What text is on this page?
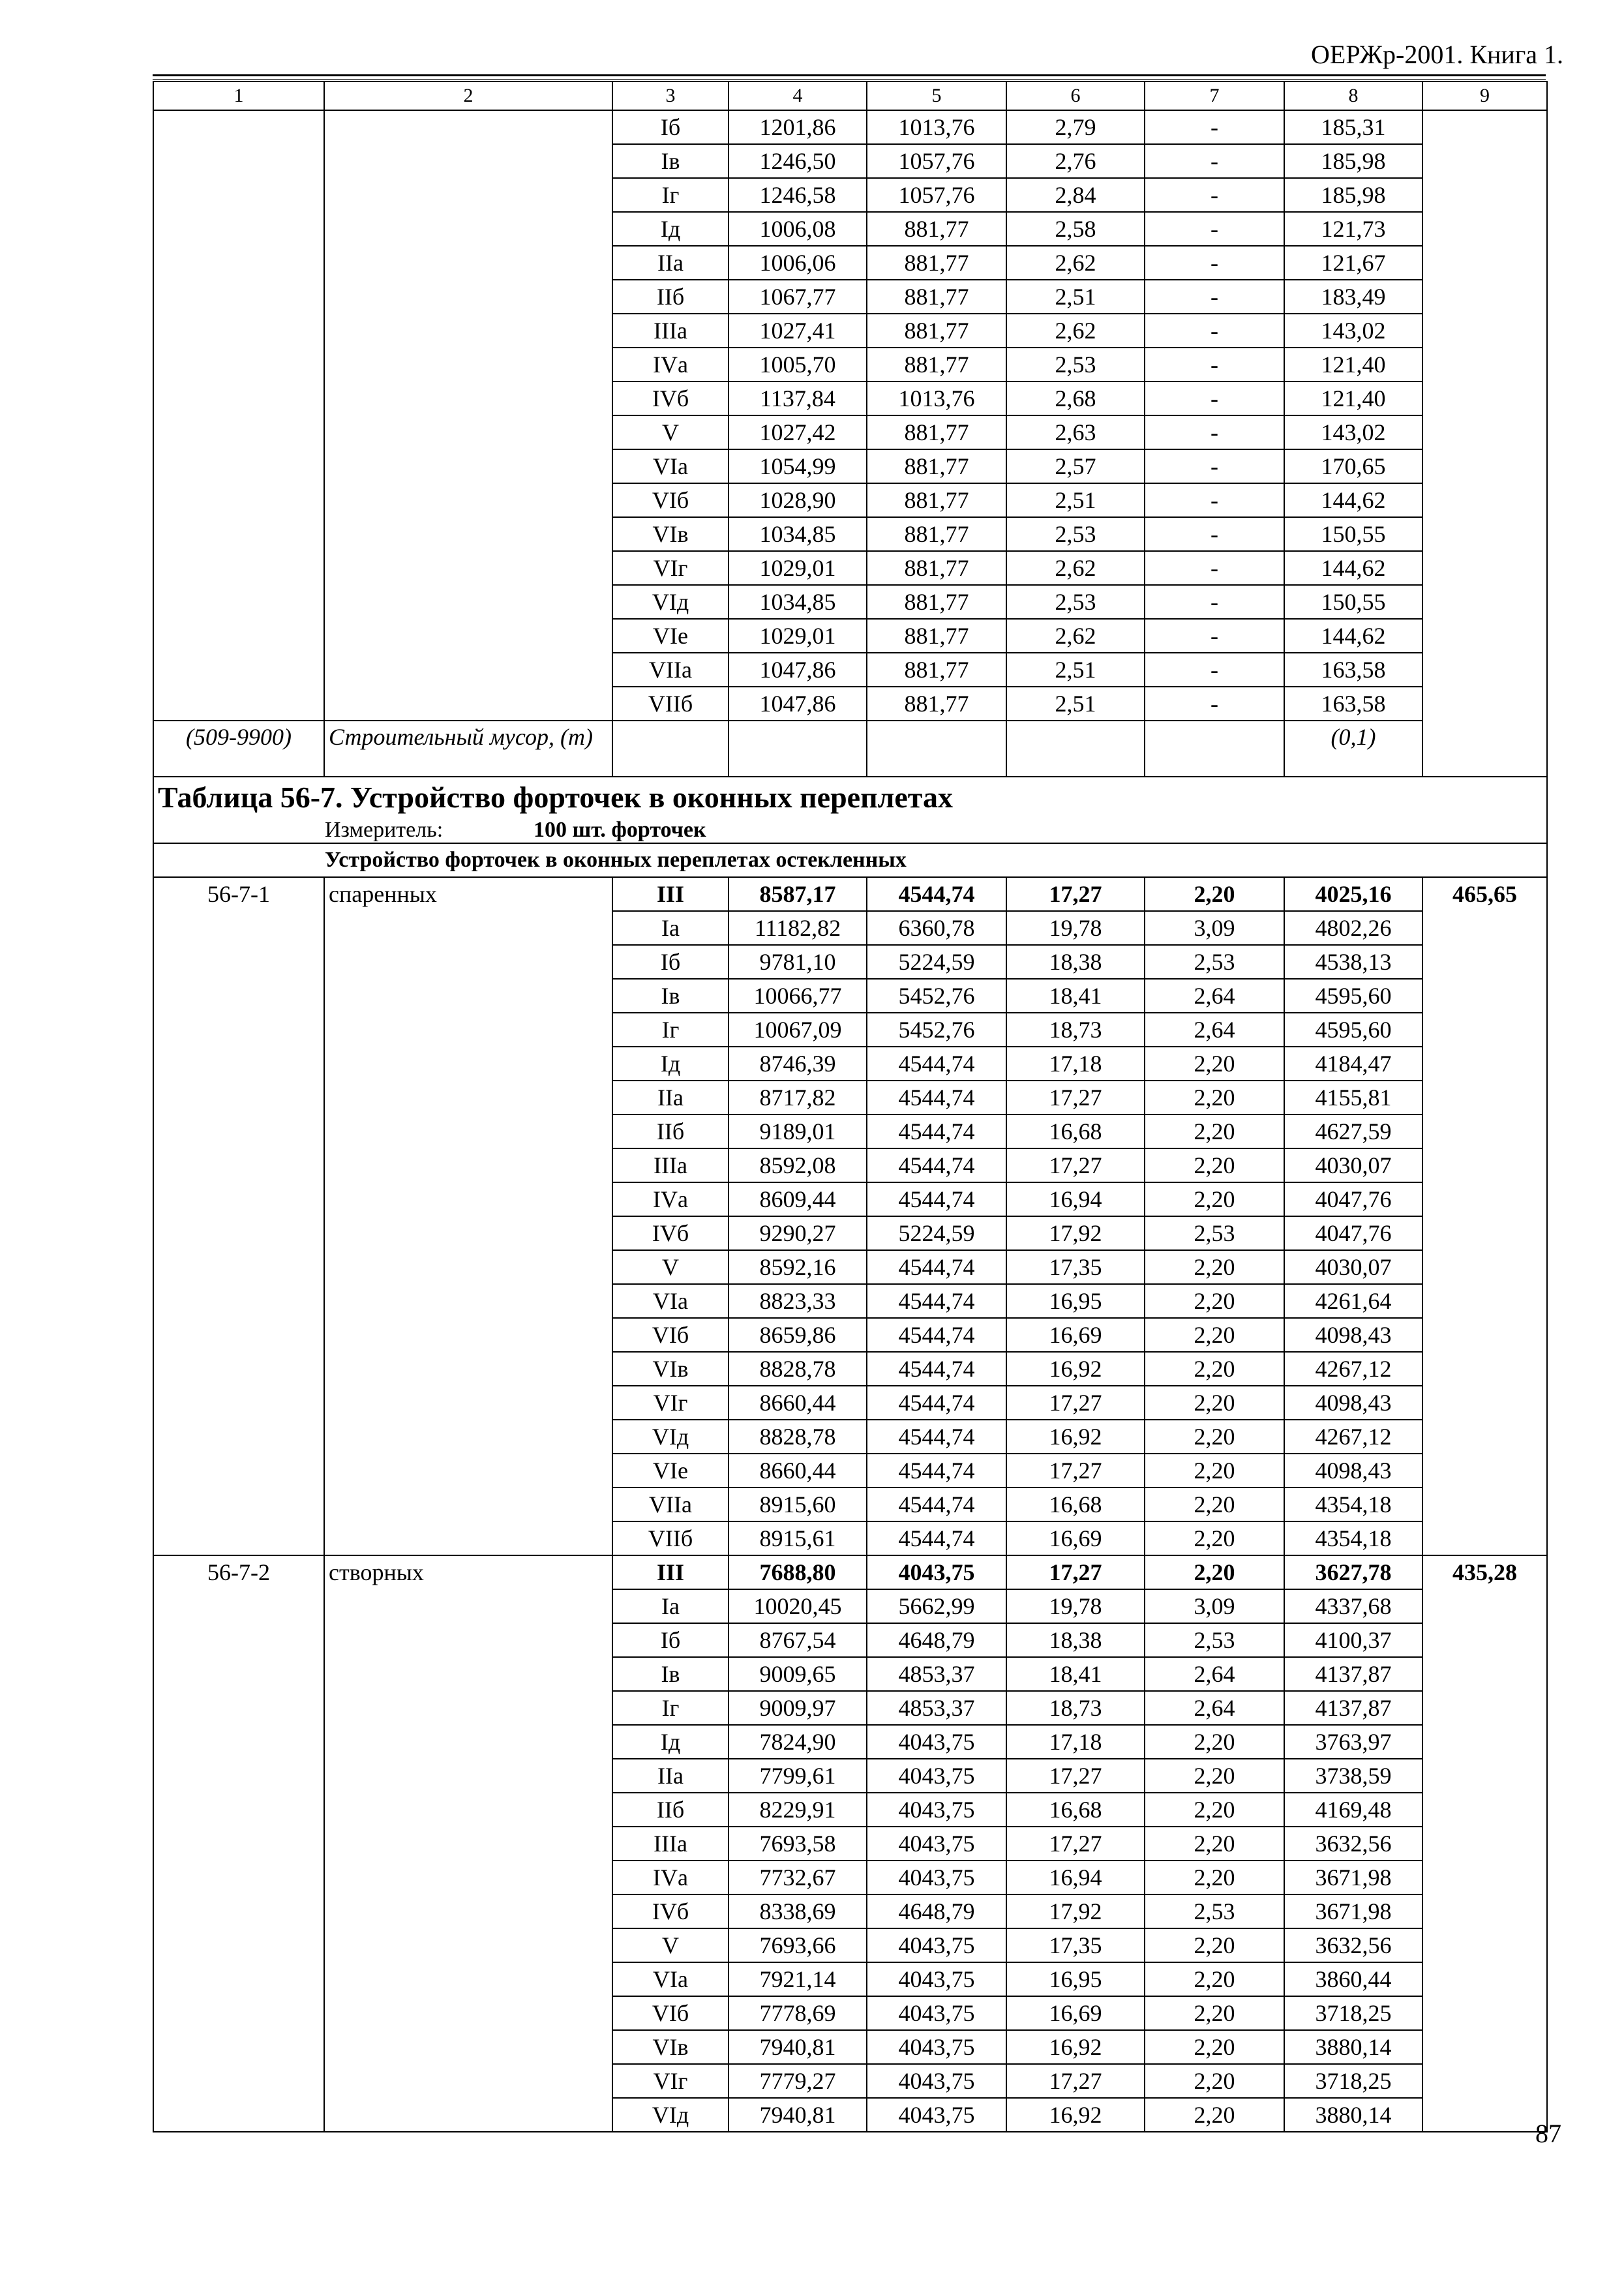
ОЕРЖр-2001. Книга 1.
1	2	3	4	5	6	7	8	9
		Iб	1201,86	1013,76	2,79	-	185,31	
		Iв	1246,50	1057,76	2,76	-	185,98	
		Iг	1246,58	1057,76	2,84	-	185,98	
		Iд	1006,08	881,77	2,58	-	121,73	
		IIа	1006,06	881,77	2,62	-	121,67	
		IIб	1067,77	881,77	2,51	-	183,49	
		IIIа	1027,41	881,77	2,62	-	143,02	
		IVа	1005,70	881,77	2,53	-	121,40	
		IVб	1137,84	1013,76	2,68	-	121,40	
		V	1027,42	881,77	2,63	-	143,02	
		VIа	1054,99	881,77	2,57	-	170,65	
		VIб	1028,90	881,77	2,51	-	144,62	
		VIв	1034,85	881,77	2,53	-	150,55	
		VIг	1029,01	881,77	2,62	-	144,62	
		VIд	1034,85	881,77	2,53	-	150,55	
		VIе	1029,01	881,77	2,62	-	144,62	
		VIIа	1047,86	881,77	2,51	-	163,58	
		VIIб	1047,86	881,77	2,51	-	163,58	
(509-9900)	Строительный мусор, (т)						(0,1)	
Таблица 56-7. Устройство форточек в оконных переплетах								
Измеритель: 100 шт. форточек								
Устройство форточек в оконных переплетах остекленных								
56-7-1	спаренных	III	8587,17	4544,74	17,27	2,20	4025,16	465,65
		Iа	11182,82	6360,78	19,78	3,09	4802,26	
		Iб	9781,10	5224,59	18,38	2,53	4538,13	
		Iв	10066,77	5452,76	18,41	2,64	4595,60	
		Iг	10067,09	5452,76	18,73	2,64	4595,60	
		Iд	8746,39	4544,74	17,18	2,20	4184,47	
		IIа	8717,82	4544,74	17,27	2,20	4155,81	
		IIб	9189,01	4544,74	16,68	2,20	4627,59	
		IIIа	8592,08	4544,74	17,27	2,20	4030,07	
		IVа	8609,44	4544,74	16,94	2,20	4047,76	
		IVб	9290,27	5224,59	17,92	2,53	4047,76	
		V	8592,16	4544,74	17,35	2,20	4030,07	
		VIа	8823,33	4544,74	16,95	2,20	4261,64	
		VIб	8659,86	4544,74	16,69	2,20	4098,43	
		VIв	8828,78	4544,74	16,92	2,20	4267,12	
		VIг	8660,44	4544,74	17,27	2,20	4098,43	
		VIд	8828,78	4544,74	16,92	2,20	4267,12	
		VIе	8660,44	4544,74	17,27	2,20	4098,43	
		VIIа	8915,60	4544,74	16,68	2,20	4354,18	
		VIIб	8915,61	4544,74	16,69	2,20	4354,18	
56-7-2	створных	III	7688,80	4043,75	17,27	2,20	3627,78	435,28
		Iа	10020,45	5662,99	19,78	3,09	4337,68	
		Iб	8767,54	4648,79	18,38	2,53	4100,37	
		Iв	9009,65	4853,37	18,41	2,64	4137,87	
		Iг	9009,97	4853,37	18,73	2,64	4137,87	
		Iд	7824,90	4043,75	17,18	2,20	3763,97	
		IIа	7799,61	4043,75	17,27	2,20	3738,59	
		IIб	8229,91	4043,75	16,68	2,20	4169,48	
		IIIа	7693,58	4043,75	17,27	2,20	3632,56	
		IVа	7732,67	4043,75	16,94	2,20	3671,98	
		IVб	8338,69	4648,79	17,92	2,53	3671,98	
		V	7693,66	4043,75	17,35	2,20	3632,56	
		VIа	7921,14	4043,75	16,95	2,20	3860,44	
		VIб	7778,69	4043,75	16,69	2,20	3718,25	
		VIв	7940,81	4043,75	16,92	2,20	3880,14	
		VIг	7779,27	4043,75	17,27	2,20	3718,25	
		VIд	7940,81	4043,75	16,92	2,20	3880,14	
87
